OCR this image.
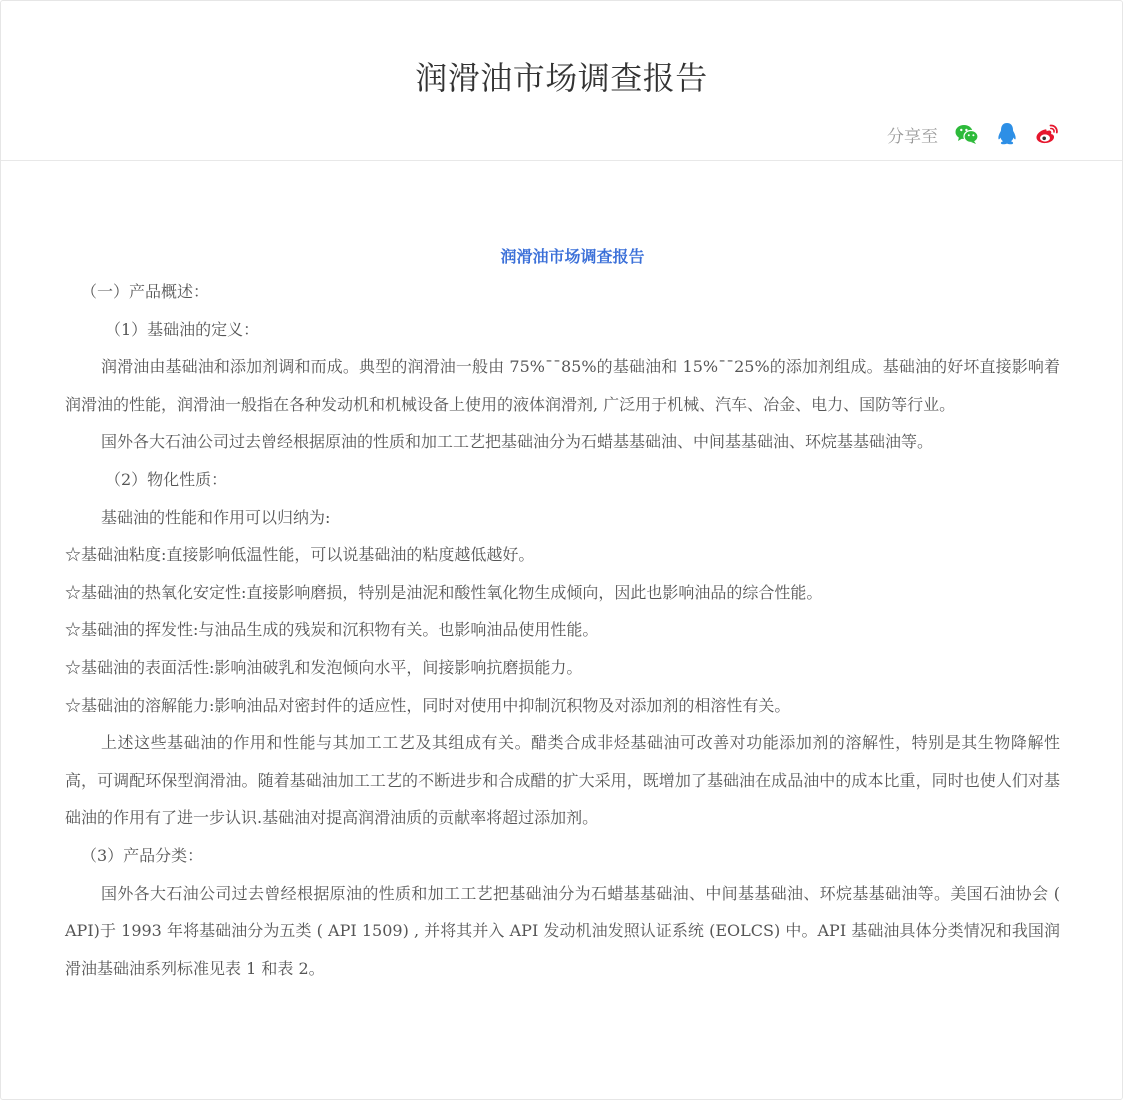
润滑油市场调查报告
分享至
润滑油市场调查报告

（一）产品概述：

（1）基础油的定义：

润滑油由基础油和添加剂调和而成。典型的润滑油一般由 75%¯¯85%的基础油和 15%¯¯25%的添加剂组成。基础油的好坏直接影响着润滑油的性能，润滑油一般指在各种发动机和机械设备上使用的液体润滑剂, 广泛用于机械、汽车、冶金、电力、国防等行业。

国外各大石油公司过去曾经根据原油的性质和加工工艺把基础油分为石蜡基基础油、中间基基础油、环烷基基础油等。

（2）物化性质：

基础油的性能和作用可以归纳为:

☆基础油粘度:直接影响低温性能，可以说基础油的粘度越低越好。

☆基础油的热氧化安定性:直接影响磨损，特别是油泥和酸性氧化物生成倾向，因此也影响油品的综合性能。

☆基础油的挥发性:与油品生成的残炭和沉积物有关。也影响油品使用性能。

☆基础油的表面活性:影响油破乳和发泡倾向水平，间接影响抗磨损能力。

☆基础油的溶解能力:影响油品对密封件的适应性，同时对使用中抑制沉积物及对添加剂的相溶性有关。

上述这些基础油的作用和性能与其加工工艺及其组成有关。醋类合成非烃基础油可改善对功能添加剂的溶解性，特别是其生物降解性高，可调配环保型润滑油。随着基础油加工工艺的不断进步和合成醋的扩大采用，既增加了基础油在成品油中的成本比重，同时也使人们对基础油的作用有了进一步认识.基础油对提高润滑油质的贡献率将超过添加剂。

（3）产品分类：

国外各大石油公司过去曾经根据原油的性质和加工工艺把基础油分为石蜡基基础油、中间基基础油、环烷基基础油等。美国石油协会 ( API)于 1993 年将基础油分为五类 ( API 1509) , 并将其并入 API 发动机油发照认证系统 (EOLCS) 中。API 基础油具体分类情况和我国润滑油基础油系列标准见表 1 和表 2。
